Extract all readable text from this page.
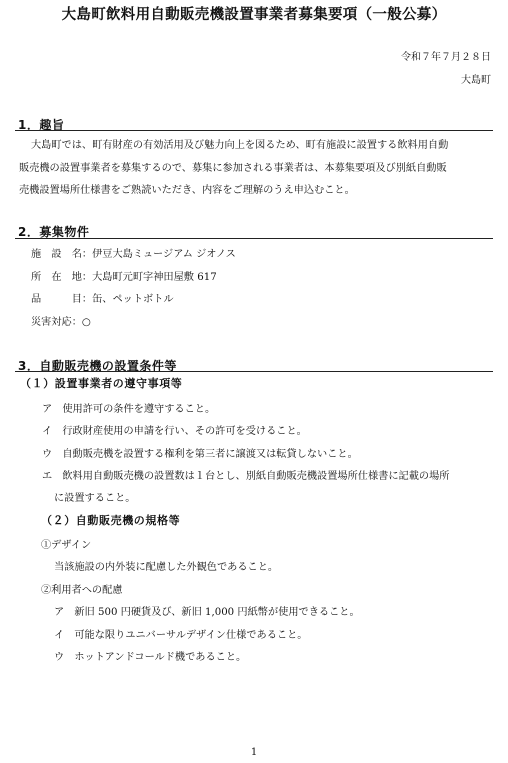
大島町飲料用自動販売機設置事業者募集要項（一般公募）
令和７年７月２８日
大島町
1．趣旨
大島町では、町有財産の有効活用及び魅力向上を図るため、町有施設に設置する飲料用自動
販売機の設置事業者を募集するので、募集に参加される事業者は、本募集要項及び別紙自動販
売機設置場所仕様書をご熟読いただき、内容をご理解のうえ申込むこと。
2．募集物件
施　設　名：伊豆大島ミュージアム ジオノス
所　在　地：大島町元町字神田屋敷 617
品　　　目：缶、ペットボトル
災害対応：○
3．自動販売機の設置条件等
（１）設置事業者の遵守事項等
ア　使用許可の条件を遵守すること。
イ　行政財産使用の申請を行い、その許可を受けること。
ウ　自動販売機を設置する権利を第三者に譲渡又は転貸しないこと。
エ　飲料用自動販売機の設置数は１台とし、別紙自動販売機設置場所仕様書に記載の場所
に設置すること。
（２）自動販売機の規格等
①デザイン
当該施設の内外装に配慮した外観色であること。
②利用者への配慮
ア　新旧 500 円硬貨及び、新旧 1,000 円紙幣が使用できること。
イ　可能な限りユニバーサルデザイン仕様であること。
ウ　ホットアンドコールド機であること。
1
